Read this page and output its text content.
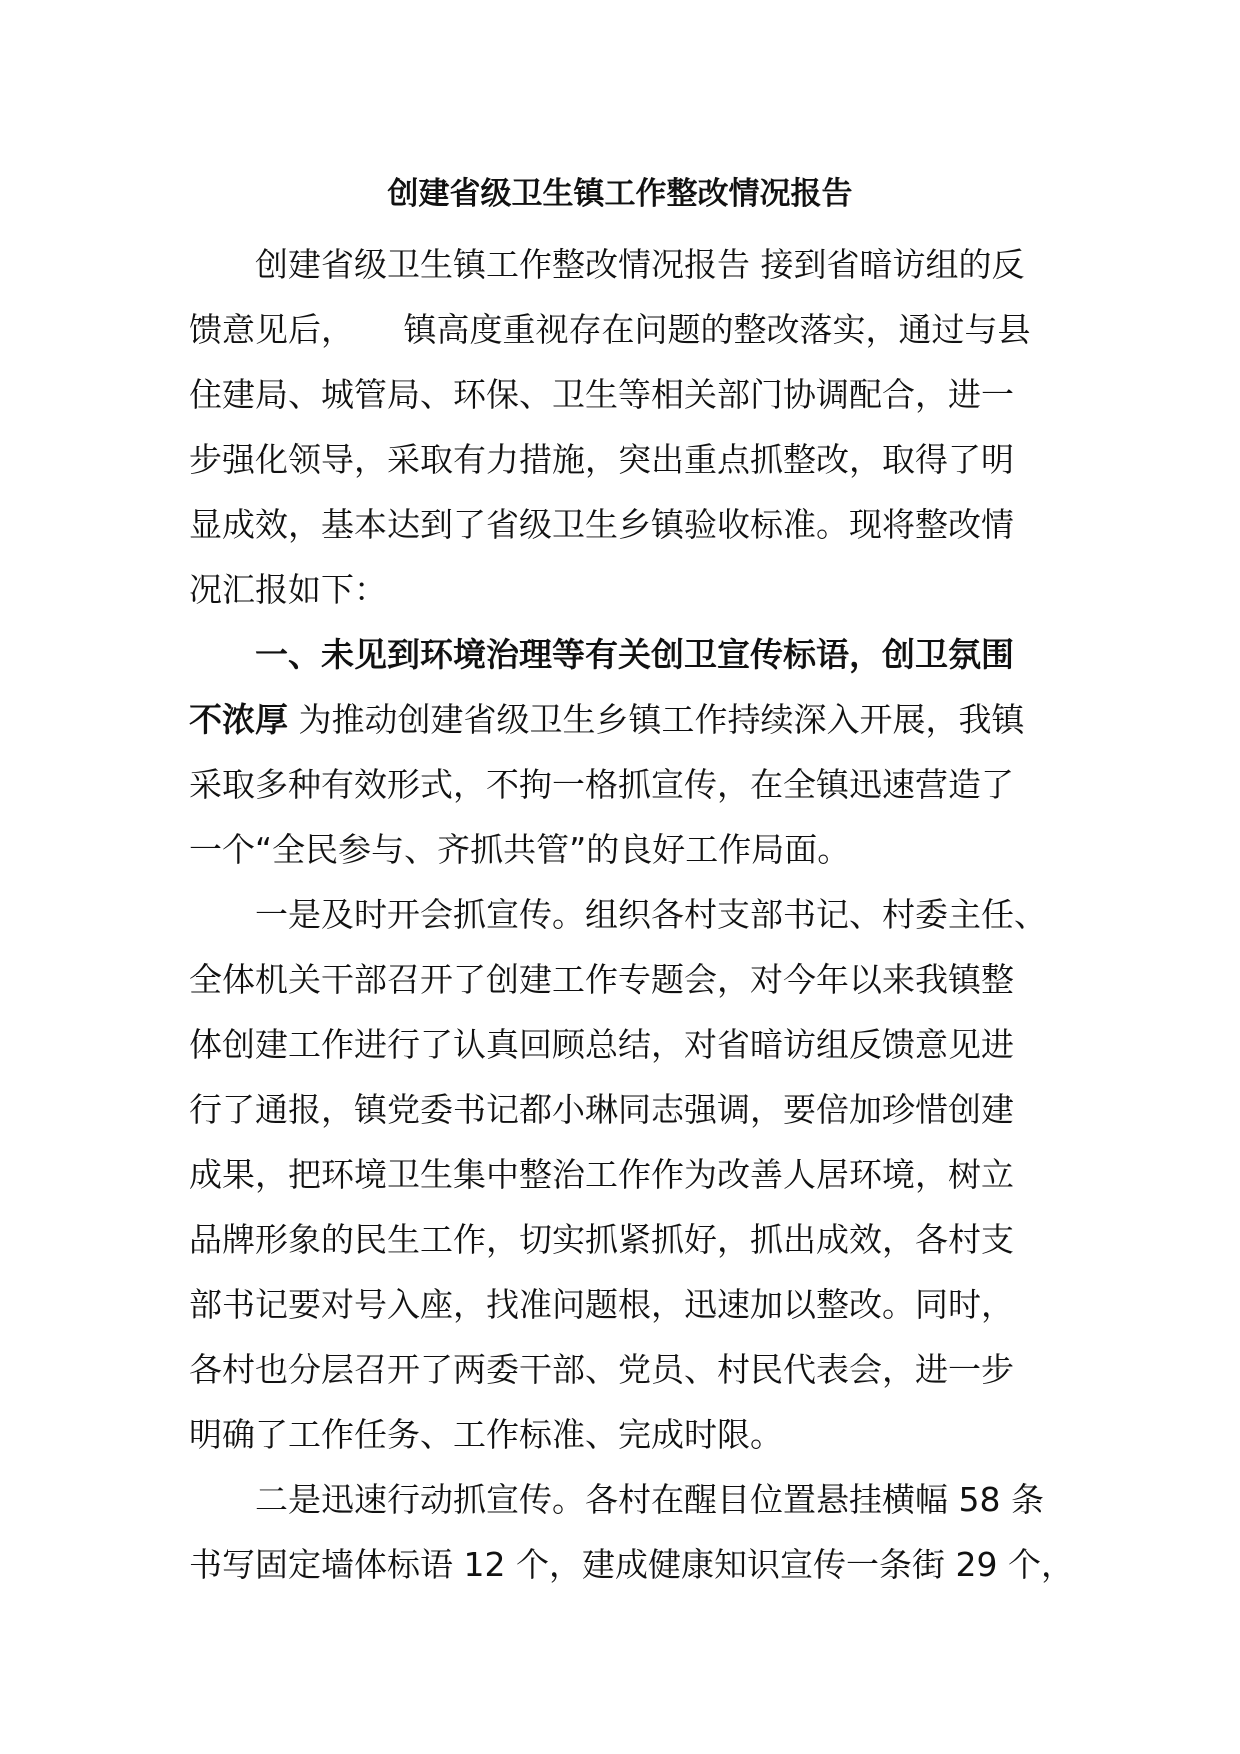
创建省级卫生镇工作整改情况报告
创建省级卫生镇工作整改情况报告 接到省暗访组的反
馈意见后，　　镇高度重视存在问题的整改落实，通过与县
住建局、城管局、环保、卫生等相关部门协调配合，进一
步强化领导，采取有力措施，突出重点抓整改，取得了明
显成效，基本达到了省级卫生乡镇验收标准。现将整改情
况汇报如下：
一、未见到环境治理等有关创卫宣传标语，创卫氛围
不浓厚 为推动创建省级卫生乡镇工作持续深入开展，我镇
采取多种有效形式，不拘一格抓宣传，在全镇迅速营造了
一个“全民参与、齐抓共管”的良好工作局面。
一是及时开会抓宣传。组织各村支部书记、村委主任、
全体机关干部召开了创建工作专题会，对今年以来我镇整
体创建工作进行了认真回顾总结，对省暗访组反馈意见进
行了通报，镇党委书记都小琳同志强调，要倍加珍惜创建
成果，把环境卫生集中整治工作作为改善人居环境，树立
品牌形象的民生工作，切实抓紧抓好，抓出成效，各村支
部书记要对号入座，找准问题根，迅速加以整改。同时，
各村也分层召开了两委干部、党员、村民代表会，进一步
明确了工作任务、工作标准、完成时限。
二是迅速行动抓宣传。各村在醒目位置悬挂横幅 58 条
书写固定墙体标语 12 个，建成健康知识宣传一条街 29 个，
